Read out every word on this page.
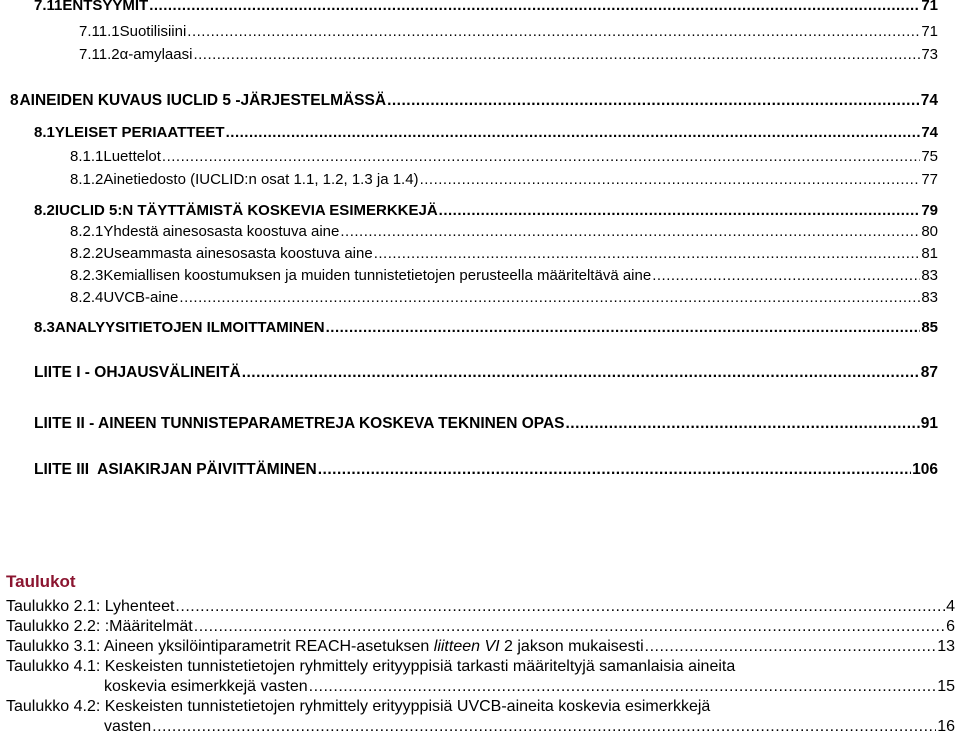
7.11 ENTSYYMIT .....	71
7.11.1 Suotilisiini .....	71
7.11.2 α-amylaasi .....	73
8 AINEIDEN KUVAUS IUCLID 5 -JÄRJESTELMÄSSÄ .....	74
8.1 YLEISET PERIAATTEET .....	74
8.1.1 Luettelot .....	75
8.1.2 Ainetiedosto (IUCLID:n osat 1.1, 1.2, 1.3 ja 1.4) .....	77
8.2 IUCLID 5:N TÄYTTÄMISTÄ KOSKEVIA ESIMERKKEJÄ .....	79
8.2.1 Yhdestä ainesosasta koostuva aine .....	80
8.2.2 Useammasta ainesosasta koostuva aine .....	81
8.2.3 Kemiallisen koostumuksen ja muiden tunnistetietojen perusteella määriteltävä aine .....	83
8.2.4 UVCB-aine .....	83
8.3 ANALYYSITIETOJEN ILMOITTAMINEN .....	85
LIITE I - OHJAUSVÄLINEITÄ .....	87
LIITE II - AINEEN TUNNISTEPARAMETREJA KOSKEVA TEKNINEN OPAS .....	91
LIITE III  ASIAKIRJAN PÄIVITTÄMINEN .....	106
Taulukot
Taulukko 2.1: Lyhenteet .....	4
Taulukko 2.2: :Määritelmät .....	6
Taulukko 3.1: Aineen yksilöintiparametrit REACH-asetuksen liitteen VI 2 jakson mukaisesti .....	13
Taulukko 4.1: Keskeisten tunnistetietojen ryhmittely erityyppisiä tarkasti määriteltyjä samanlaisia aineita
koskevia esimerkkejä vasten .....	15
Taulukko 4.2: Keskeisten tunnistetietojen ryhmittely erityyppisiä UVCB-aineita koskevia esimerkkejä
vasten .....	16
